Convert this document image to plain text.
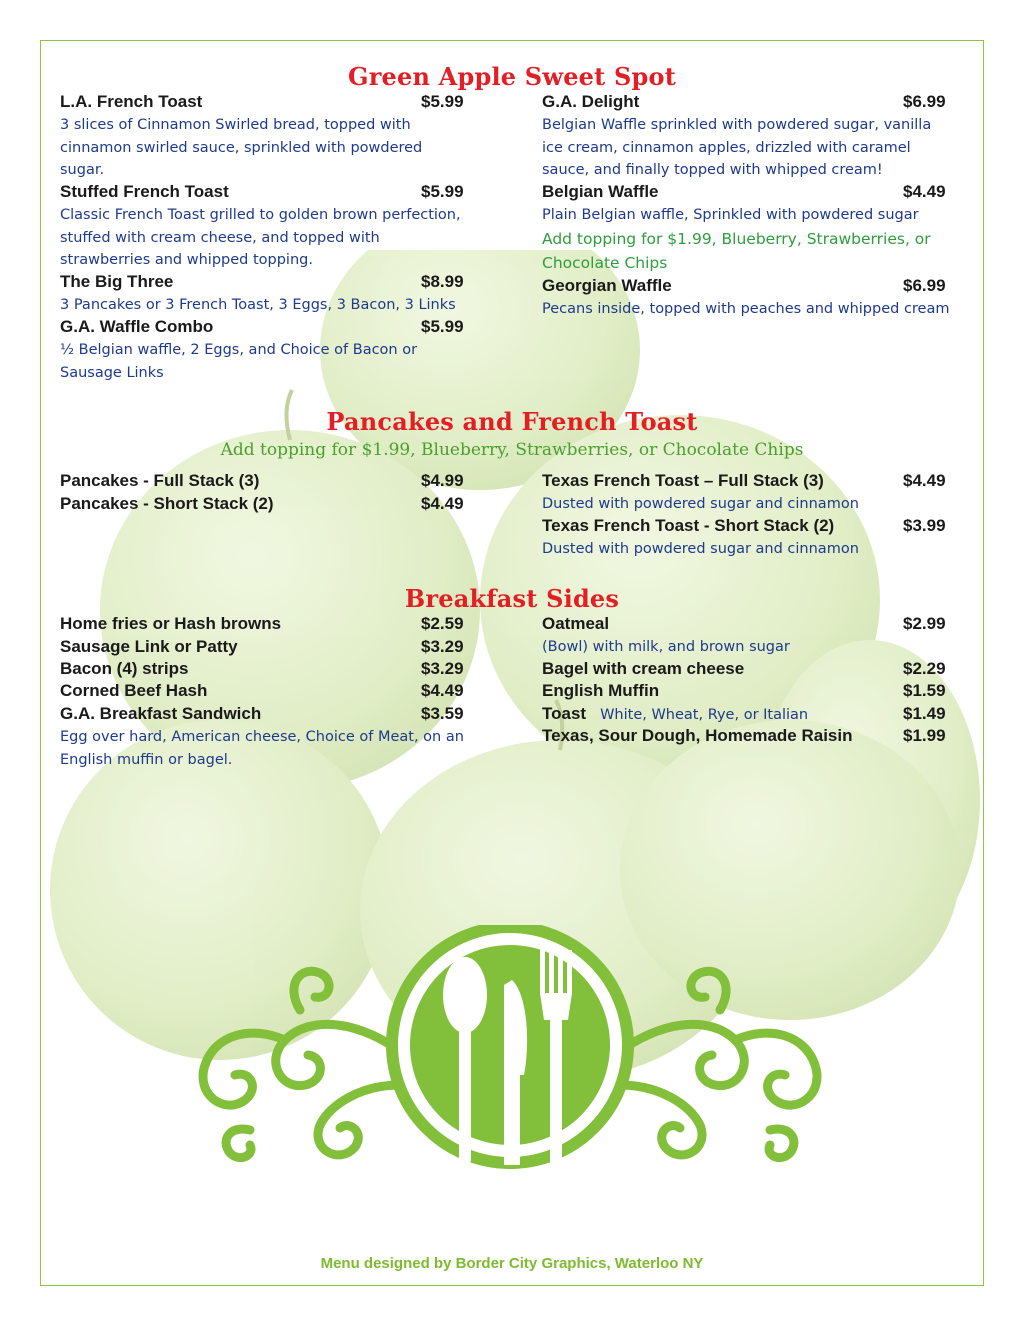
Green Apple Sweet Spot
L.A. French Toast	$5.99
3 slices of Cinnamon Swirled bread, topped with
cinnamon swirled sauce, sprinkled with powdered
sugar.
Stuffed French Toast	$5.99
Classic French Toast grilled to golden brown perfection,
stuffed with cream cheese, and topped with
strawberries and whipped topping.
The Big Three	$8.99
3 Pancakes or 3 French Toast, 3 Eggs, 3 Bacon, 3 Links
G.A. Waffle Combo	$5.99
½ Belgian waffle, 2 Eggs, and Choice of Bacon or
Sausage Links
G.A. Delight	$6.99
Belgian Waffle sprinkled with powdered sugar, vanilla
ice cream, cinnamon apples, drizzled with caramel
sauce, and finally topped with whipped cream!
Belgian Waffle	$4.49
Plain Belgian waffle, Sprinkled with powdered sugar
Add topping for $1.99, Blueberry, Strawberries, or
Chocolate Chips
Georgian Waffle	$6.99
Pecans inside, topped with peaches and whipped cream
Pancakes and French Toast
Add topping for $1.99, Blueberry, Strawberries, or Chocolate Chips
Pancakes - Full Stack (3)	$4.99
Pancakes - Short Stack (2)	$4.49
Texas French Toast – Full Stack (3)	$4.49
Dusted with powdered sugar and cinnamon
Texas French Toast - Short Stack (2)	$3.99
Dusted with powdered sugar and cinnamon
Breakfast Sides
Home fries or Hash browns	$2.59
Sausage Link or Patty	$3.29
Bacon (4) strips	$3.29
Corned Beef Hash	$4.49
G.A. Breakfast Sandwich	$3.59
Egg over hard, American cheese, Choice of Meat, on an
English muffin or bagel.
Oatmeal	$2.99
(Bowl) with milk, and brown sugar
Bagel with cream cheese	$2.29
English Muffin	$1.59
Toast White, Wheat, Rye, or Italian	$1.49
Texas, Sour Dough, Homemade Raisin	$1.99
Menu designed by Border City Graphics, Waterloo NY
